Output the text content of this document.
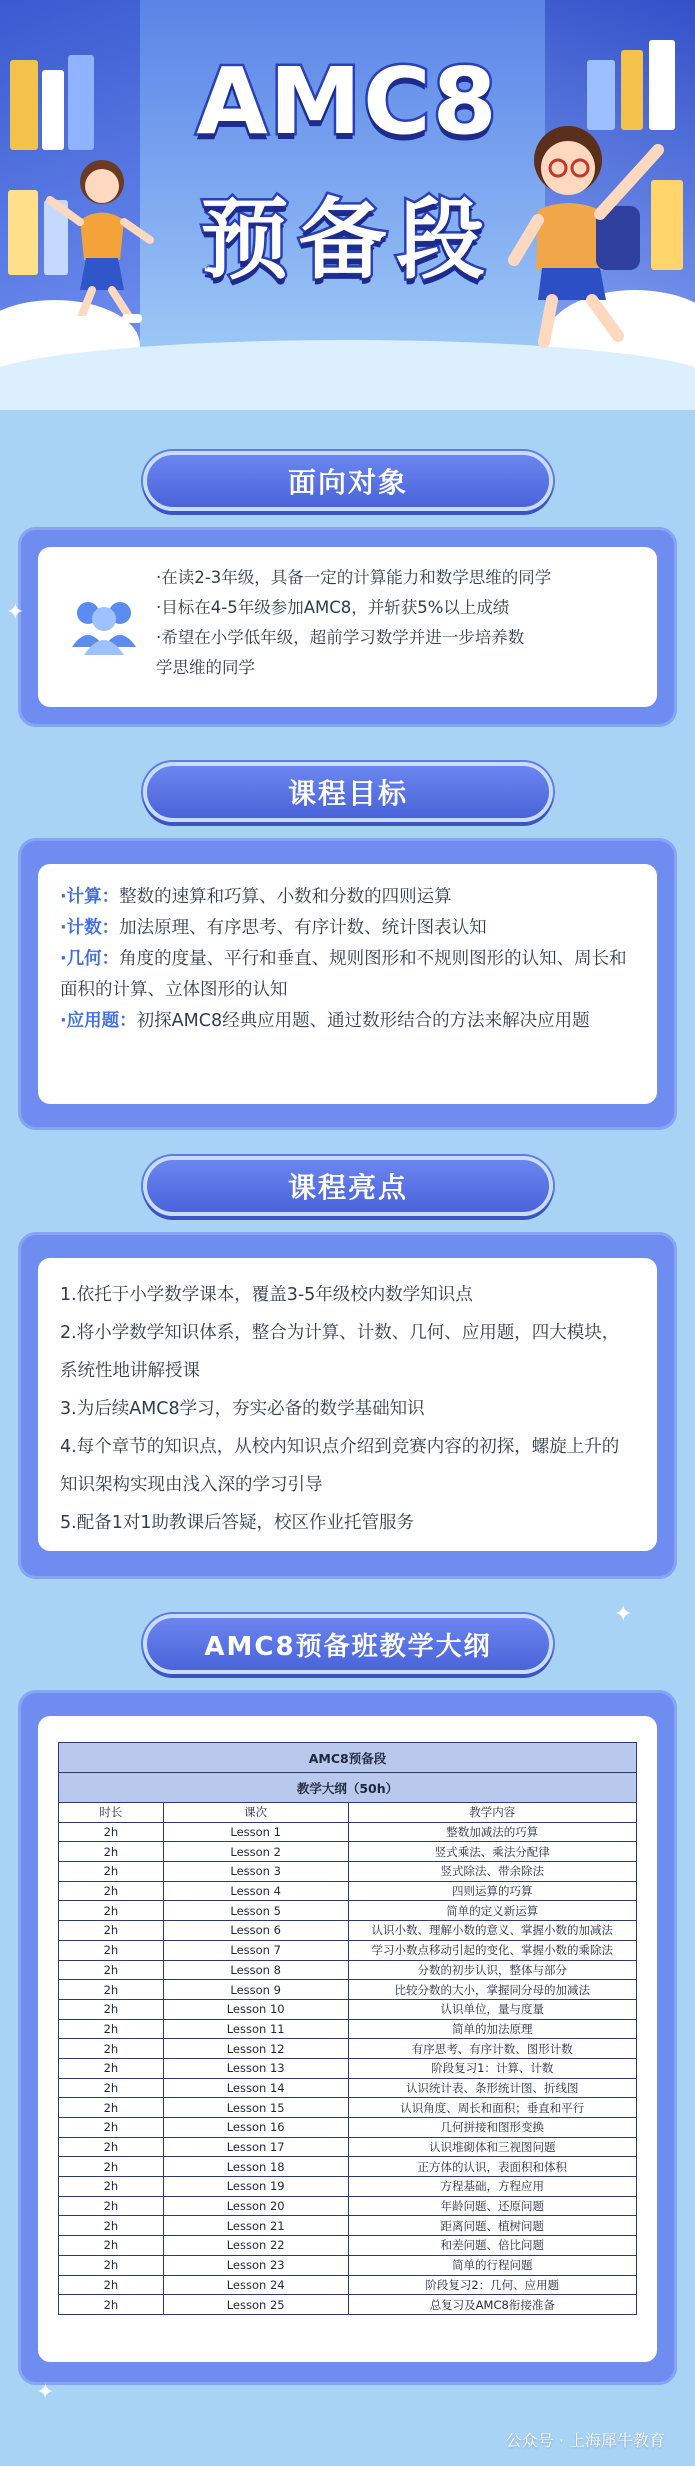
AMC8
预备段
面向对象
·在读2-3年级，具备一定的计算能力和数学思维的同学
·目标在4-5年级参加AMC8，并斩获5%以上成绩
·希望在小学低年级，超前学习数学并进一步培养数
学思维的同学
课程目标
·计算：整数的速算和巧算、小数和分数的四则运算
·计数：加法原理、有序思考、有序计数、统计图表认知
·几何：角度的度量、平行和垂直、规则图形和不规则图形的认知、周长和面积的计算、立体图形的认知
·应用题：初探AMC8经典应用题、通过数形结合的方法来解决应用题
课程亮点
1.依托于小学数学课本，覆盖3-5年级校内数学知识点
2.将小学数学知识体系，整合为计算、计数、几何、应用题，四大模块，系统性地讲解授课
3.为后续AMC8学习，夯实必备的数学基础知识
4.每个章节的知识点，从校内知识点介绍到竞赛内容的初探，螺旋上升的知识架构实现由浅入深的学习引导
5.配备1对1助教课后答疑，校区作业托管服务
AMC8预备班教学大纲
AMC8预备段		
教学大纲（50h）		
时长	课次	教学内容
2h	Lesson 1	整数加减法的巧算
2h	Lesson 2	竖式乘法、乘法分配律
2h	Lesson 3	竖式除法、带余除法
2h	Lesson 4	四则运算的巧算
2h	Lesson 5	简单的定义新运算
2h	Lesson 6	认识小数、理解小数的意义、掌握小数的加减法
2h	Lesson 7	学习小数点移动引起的变化、掌握小数的乘除法
2h	Lesson 8	分数的初步认识，整体与部分
2h	Lesson 9	比较分数的大小，掌握同分母的加减法
2h	Lesson 10	认识单位，量与度量
2h	Lesson 11	简单的加法原理
2h	Lesson 12	有序思考、有序计数、图形计数
2h	Lesson 13	阶段复习1：计算、计数
2h	Lesson 14	认识统计表、条形统计图、折线图
2h	Lesson 15	认识角度、周长和面积；垂直和平行
2h	Lesson 16	几何拼接和图形变换
2h	Lesson 17	认识堆砌体和三视图问题
2h	Lesson 18	正方体的认识，表面积和体积
2h	Lesson 19	方程基础，方程应用
2h	Lesson 20	年龄问题、还原问题
2h	Lesson 21	距离问题、植树问题
2h	Lesson 22	和差问题、倍比问题
2h	Lesson 23	简单的行程问题
2h	Lesson 24	阶段复习2：几何、应用题
2h	Lesson 25	总复习及AMC8衔接准备
✦
✦
✦
公众号 · 上海犀牛教育
